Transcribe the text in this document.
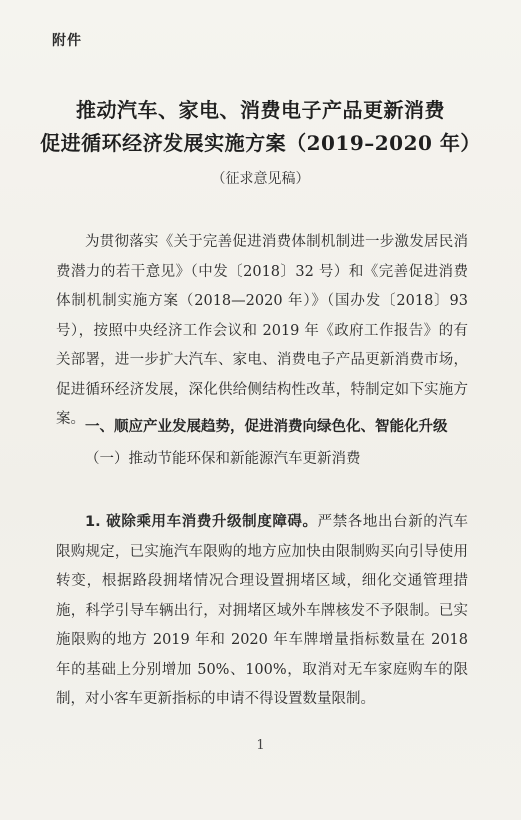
附件
推动汽车、家电、消费电子产品更新消费
促进循环经济发展实施方案（2019–2020 年）
（征求意见稿）

为贯彻落实《关于完善促进消费体制机制进一步激发居民消费潜力的若干意见》（中发〔2018〕32 号）和《完善促进消费体制机制实施方案（2018—2020 年）》（国办发〔2018〕93 号），按照中央经济工作会议和 2019 年《政府工作报告》的有关部署，进一步扩大汽车、家电、消费电子产品更新消费市场，促进循环经济发展，深化供给侧结构性改革，特制定如下实施方案。 一、顺应产业发展趋势，促进消费向绿色化、智能化升级
（一）推动节能环保和新能源汽车更新消费

1. 破除乘用车消费升级制度障碍。严禁各地出台新的汽车限购规定，已实施汽车限购的地方应加快由限制购买向引导使用转变，根据路段拥堵情况合理设置拥堵区域，细化交通管理措施，科学引导车辆出行，对拥堵区域外车牌核发不予限制。已实施限购的地方 2019 年和 2020 年车牌增量指标数量在 2018 年的基础上分别增加 50%、100%，取消对无车家庭购车的限制，对小客车更新指标的申请不得设置数量限制。

1
